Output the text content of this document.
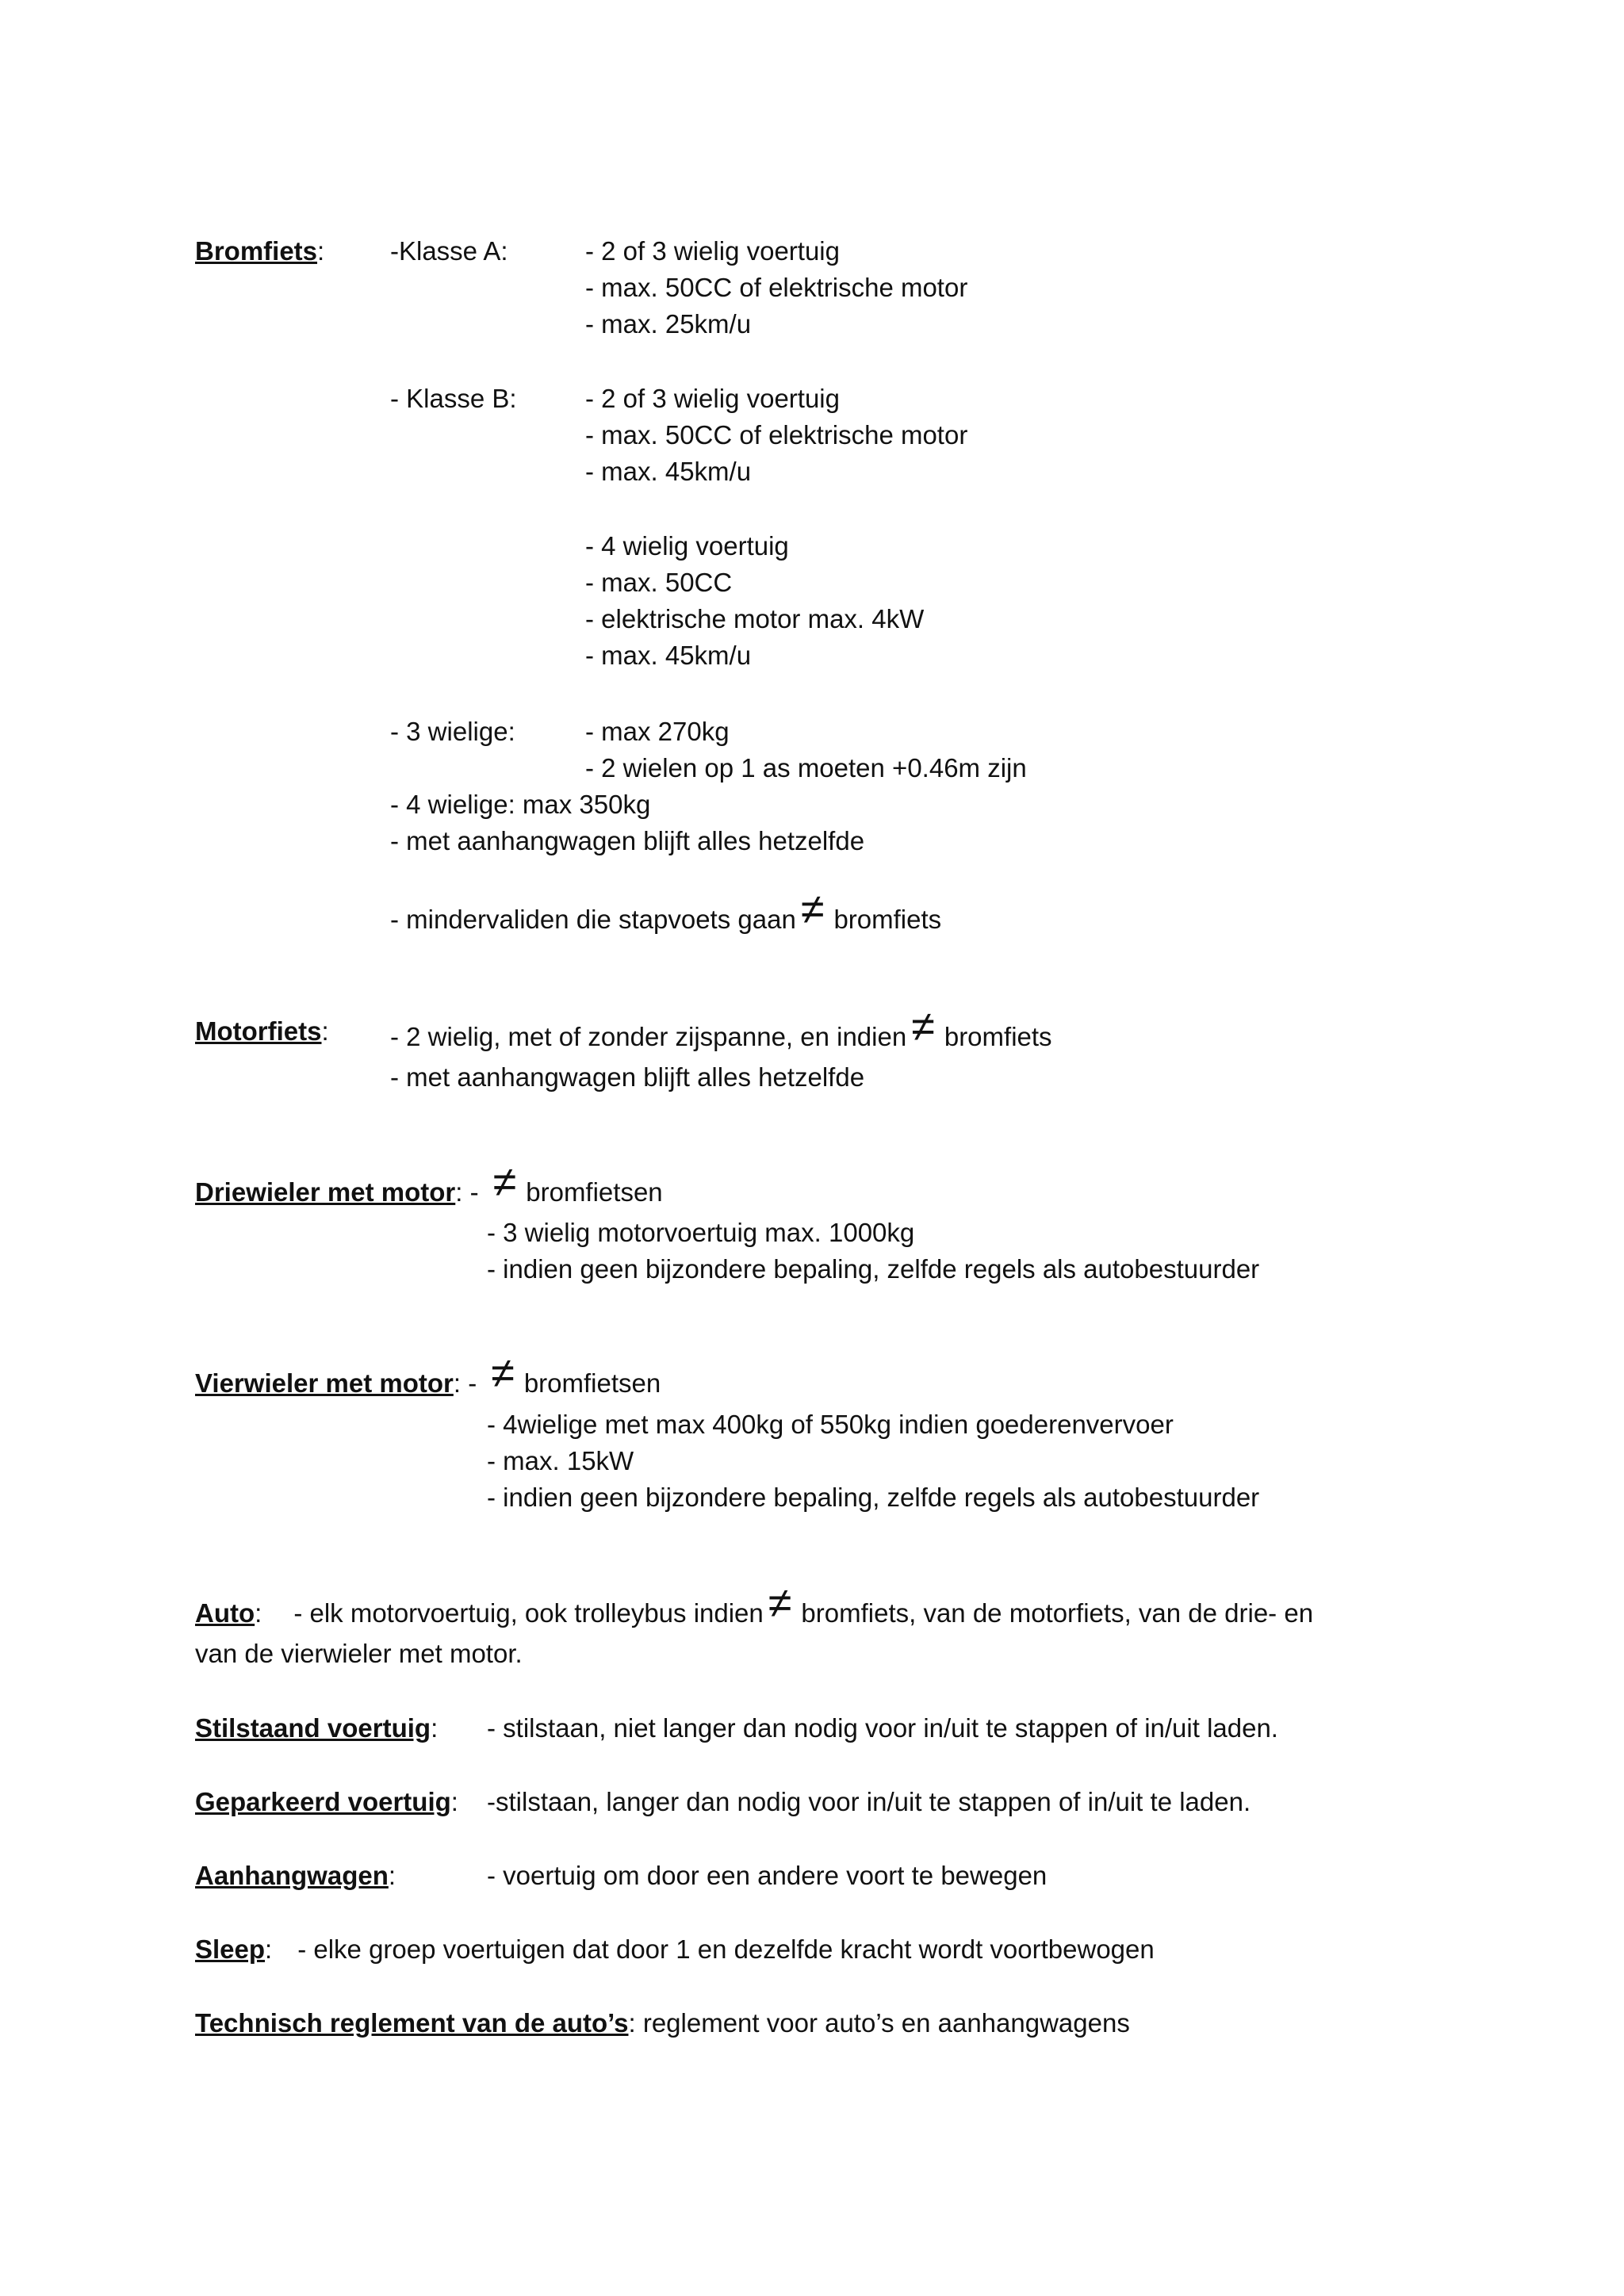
Bromfiets:	-Klasse A:	- 2 of 3 wielig voertuig
- max. 50CC of elektrische motor
- max. 25km/u
- Klasse B:	- 2 of 3 wielig voertuig
- max. 50CC of elektrische motor
- max. 45km/u
- 4 wielig voertuig
- max. 50CC
- elektrische motor max. 4kW
- max. 45km/u
- 3 wielige:	- max 270kg
- 2 wielen op 1 as moeten +0.46m zijn
- 4 wielige: max 350kg
- met aanhangwagen blijft alles hetzelfde
- mindervaliden die stapvoets gaan ≠ bromfiets
Motorfiets: - 2 wielig, met of zonder zijspanne, en indien ≠ bromfiets
- met aanhangwagen blijft alles hetzelfde
Driewieler met motor: - ≠ bromfietsen
- 3 wielig motorvoertuig max. 1000kg
- indien geen bijzondere bepaling, zelfde regels als autobestuurder
Vierwieler met motor: - ≠ bromfietsen
- 4wielige met max 400kg of 550kg indien goederenvervoer
- max. 15kW
- indien geen bijzondere bepaling, zelfde regels als autobestuurder
Auto: - elk motorvoertuig, ook trolleybus indien ≠ bromfiets, van de motorfiets, van de drie- en
van de vierwieler met motor.
Stilstaand voertuig: - stilstaan, niet langer dan nodig voor in/uit te stappen of in/uit laden.
Geparkeerd voertuig: -stilstaan, langer dan nodig voor in/uit te stappen of in/uit te laden.
Aanhangwagen:	- voertuig om door een andere voort te bewegen
Sleep: - elke groep voertuigen dat door 1 en dezelfde kracht wordt voortbewogen
Technisch reglement van de auto’s: reglement voor auto’s en aanhangwagens
